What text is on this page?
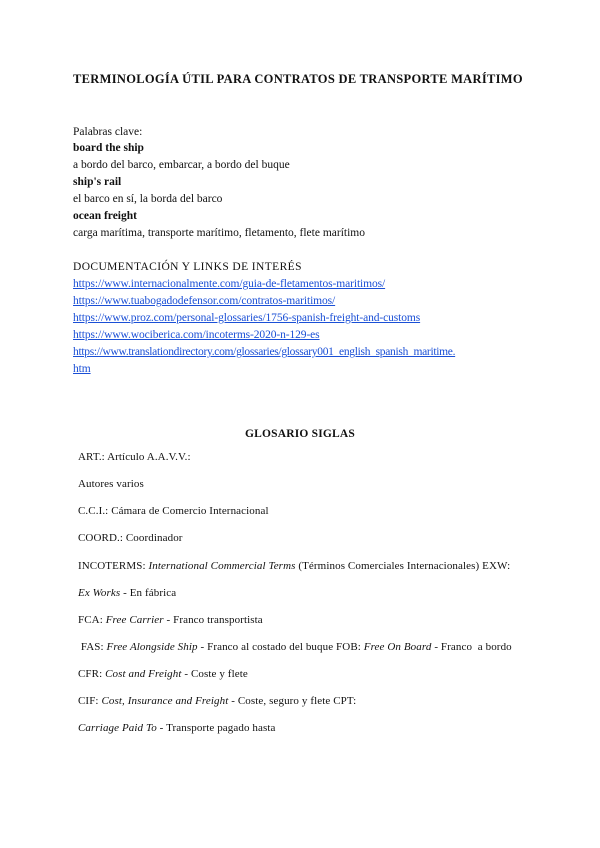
TERMINOLOGÍA ÚTIL PARA CONTRATOS DE TRANSPORTE MARÍTIMO
Palabras clave:
board the ship
a bordo del barco, embarcar, a bordo del buque
ship's rail
el barco en sí, la borda del barco
ocean freight
carga marítima, transporte marítimo, fletamento, flete marítimo
DOCUMENTACIÓN Y LINKS DE INTERÉS
https://www.internacionalmente.com/guia-de-fletamentos-maritimos/
https://www.tuabogadodefensor.com/contratos-maritimos/
https://www.proz.com/personal-glossaries/1756-spanish-freight-and-customs
https://www.wociberica.com/incoterms-2020-n-129-es
https://www.translationdirectory.com/glossaries/glossary001_english_spanish_maritime.
htm
GLOSARIO SIGLAS
ART.: Artículo A.A.V.V.:
Autores varios
C.C.I.: Cámara de Comercio Internacional
COORD.: Coordinador
INCOTERMS: International Commercial Terms (Términos Comerciales Internacionales) EXW:
Ex Works - En fábrica
FCA: Free Carrier - Franco transportista
FAS: Free Alongside Ship - Franco al costado del buque FOB: Free On Board - Franco  a bordo
CFR: Cost and Freight - Coste y flete
CIF: Cost, Insurance and Freight - Coste, seguro y flete CPT:
Carriage Paid To - Transporte pagado hasta
